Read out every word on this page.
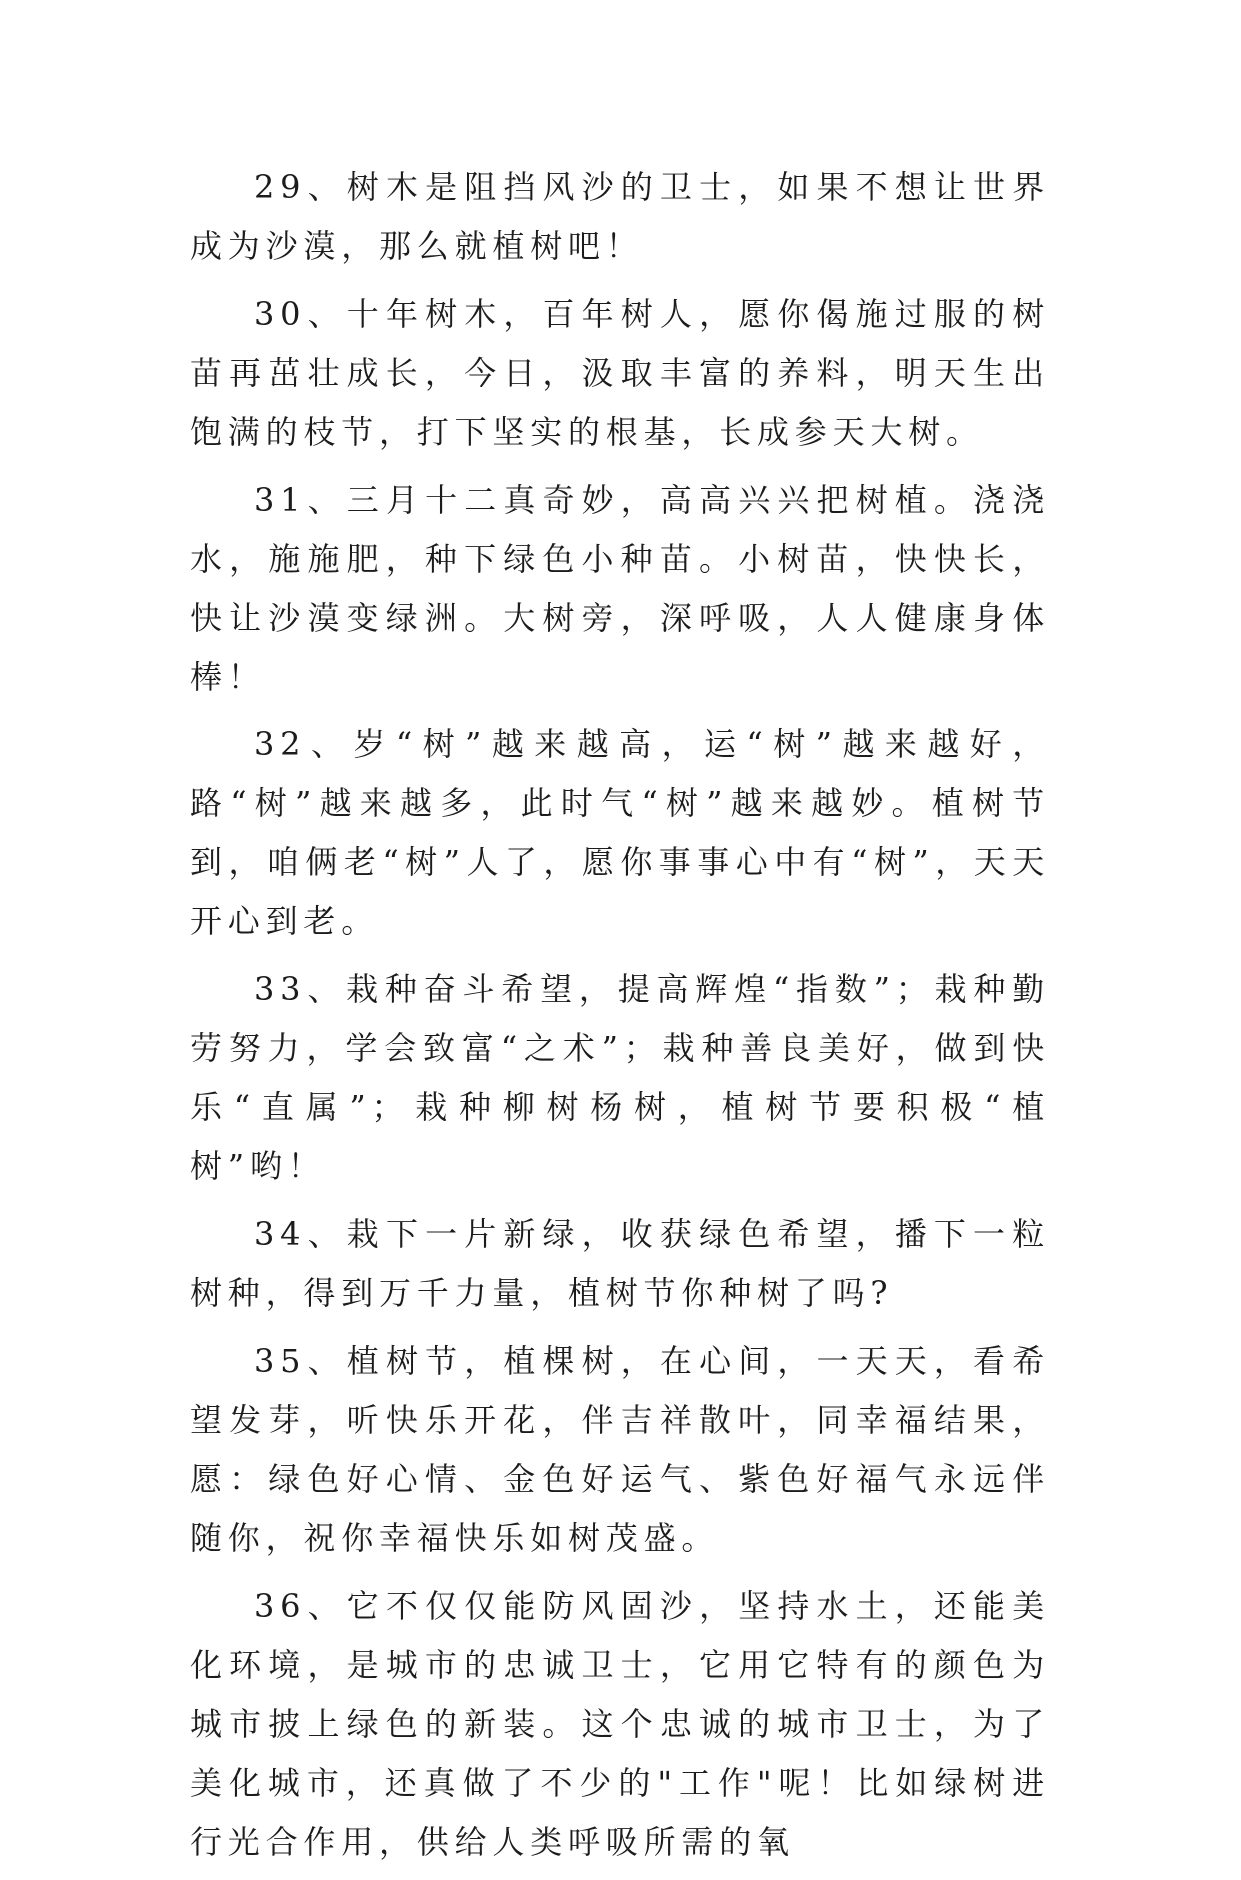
29、树木是阻挡风沙的卫士，如果不想让世界成为沙漠，那么就植树吧！

30、十年树木，百年树人，愿你偈施过服的树苗再茁壮成长，今日，汲取丰富的养料，明天生出饱满的枝节，打下坚实的根基，长成参天大树。

31、三月十二真奇妙，高高兴兴把树植。浇浇水，施施肥，种下绿色小种苗。小树苗，快快长，快让沙漠变绿洲。大树旁，深呼吸，人人健康身体棒！

32、岁“树”越来越高，运“树”越来越好，路“树”越来越多，此时气“树”越来越妙。植树节到，咱俩老“树”人了，愿你事事心中有“树”，天天开心到老。

33、栽种奋斗希望，提高辉煌“指数”；栽种勤劳努力，学会致富“之术”；栽种善良美好，做到快乐“直属”；栽种柳树杨树，植树节要积极“植树”哟！

34、栽下一片新绿，收获绿色希望，播下一粒树种，得到万千力量，植树节你种树了吗?

35、植树节，植棵树，在心间，一天天，看希望发芽，听快乐开花，伴吉祥散叶，同幸福结果，愿：绿色好心情、金色好运气、紫色好福气永远伴随你，祝你幸福快乐如树茂盛。

36、它不仅仅能防风固沙，坚持水土，还能美化环境，是城市的忠诚卫士，它用它特有的颜色为城市披上绿色的新装。这个忠诚的城市卫士，为了美化城市，还真做了不少的"工作"呢！比如绿树进行光合作用，供给人类呼吸所需的氧
